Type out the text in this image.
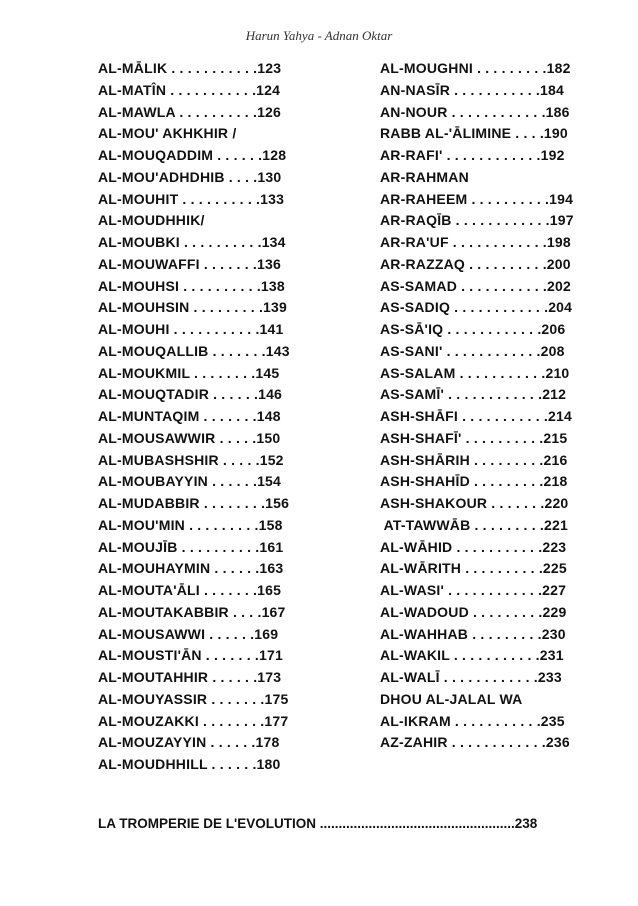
Harun Yahya - Adnan Oktar
AL-MĀLIK . . . . . . . . . . .123
AL-MATÎN . . . . . . . . . . .124
AL-MAWLA . . . . . . . . . .126
AL-MOU' AKHKHIR /
AL-MOUQADDIM . . . . . .128
AL-MOU'ADHDHIB . . . .130
AL-MOUHIT . . . . . . . . . .133
AL-MOUDHHIK/
AL-MOUBKI . . . . . . . . . .134
AL-MOUWAFFI . . . . . . .136
AL-MOUHSI . . . . . . . . . .138
AL-MOUHSIN . . . . . . . . .139
AL-MOUHI . . . . . . . . . . .141
AL-MOUQALLIB . . . . . . .143
AL-MOUKMIL . . . . . . . .145
AL-MOUQTADIR . . . . . .146
AL-MUNTAQIM . . . . . . .148
AL-MOUSAWWIR . . . . .150
AL-MUBASHSHIR . . . . .152
AL-MOUBAYYIN . . . . . .154
AL-MUDABBIR . . . . . . . .156
AL-MOU'MIN . . . . . . . . .158
AL-MOUJĪB . . . . . . . . . .161
AL-MOUHAYMIN . . . . . .163
AL-MOUTA'ĀLI . . . . . . .165
AL-MOUTAKABBIR . . . .167
AL-MOUSAWWI . . . . . .169
AL-MOUSTI'ĀN . . . . . . .171
AL-MOUTAHHIR . . . . . .173
AL-MOUYASSIR . . . . . . .175
AL-MOUZAKKI . . . . . . . .177
AL-MOUZAYYIN . . . . . .178
AL-MOUDHHILL . . . . . .180
AL-MOUGHNI . . . . . . . . .182
AN-NASĪR . . . . . . . . . . .184
AN-NOUR . . . . . . . . . . . .186
RABB AL-'ĀLIMINE . . . .190
AR-RAFI' . . . . . . . . . . . .192
AR-RAHMAN
AR-RAHEEM . . . . . . . . . .194
AR-RAQĪB . . . . . . . . . . . .197
AR-RA'UF . . . . . . . . . . . .198
AR-RAZZAQ . . . . . . . . . .200
AS-SAMAD . . . . . . . . . . .202
AS-SADIQ . . . . . . . . . . . .204
AS-SĀ'IQ . . . . . . . . . . . .206
AS-SANI' . . . . . . . . . . . .208
AS-SALAM . . . . . . . . . . .210
AS-SAMĪ' . . . . . . . . . . . .212
ASH-SHĀFI . . . . . . . . . . .214
ASH-SHAFĪ' . . . . . . . . . .215
ASH-SHĀRIH . . . . . . . . .216
ASH-SHAHĪD . . . . . . . . .218
ASH-SHAKOUR . . . . . . .220
AT-TAWWĀB . . . . . . . . .221
AL-WĀHID . . . . . . . . . . .223
AL-WĀRITH . . . . . . . . . .225
AL-WASI' . . . . . . . . . . . .227
AL-WADOUD . . . . . . . . .229
AL-WAHHAB . . . . . . . . .230
AL-WAKIL . . . . . . . . . . .231
AL-WALĪ . . . . . . . . . . . .233
DHOU AL-JALAL WA
AL-IKRAM . . . . . . . . . . .235
AZ-ZAHIR . . . . . . . . . . . .236
LA TROMPERIE DE L'EVOLUTION ....................................................238
